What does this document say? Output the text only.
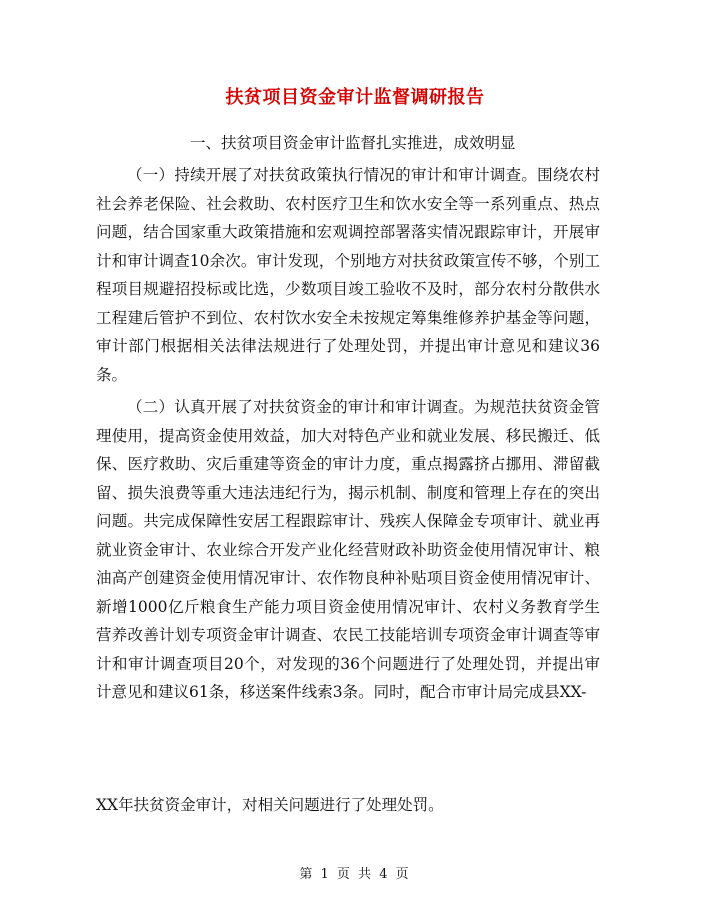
扶贫项目资金审计监督调研报告
一、扶贫项目资金审计监督扎实推进，成效明显

（一）持续开展了对扶贫政策执行情况的审计和审计调查。围绕农村社会养老保险、社会救助、农村医疗卫生和饮水安全等一系列重点、热点问题，结合国家重大政策措施和宏观调控部署落实情况跟踪审计，开展审计和审计调查10余次。审计发现，个别地方对扶贫政策宣传不够，个别工程项目规避招投标或比选，少数项目竣工验收不及时，部分农村分散供水工程建后管护不到位、农村饮水安全未按规定筹集维修养护基金等问题，审计部门根据相关法律法规进行了处理处罚，并提出审计意见和建议36条。

（二）认真开展了对扶贫资金的审计和审计调查。为规范扶贫资金管理使用，提高资金使用效益，加大对特色产业和就业发展、移民搬迁、低保、医疗救助、灾后重建等资金的审计力度，重点揭露挤占挪用、滞留截留、损失浪费等重大违法违纪行为，揭示机制、制度和管理上存在的突出问题。共完成保障性安居工程跟踪审计、残疾人保障金专项审计、就业再就业资金审计、农业综合开发产业化经营财政补助资金使用情况审计、粮油高产创建资金使用情况审计、农作物良种补贴项目资金使用情况审计、新增1000亿斤粮食生产能力项目资金使用情况审计、农村义务教育学生营养改善计划专项资金审计调查、农民工技能培训专项资金审计调查等审计和审计调查项目20个，对发现的36个问题进行了处理处罚，并提出审计意见和建议61条，移送案件线索3条。同时，配合市审计局完成县XX-

XX年扶贫资金审计，对相关问题进行了处理处罚。
第 1 页 共 4 页
